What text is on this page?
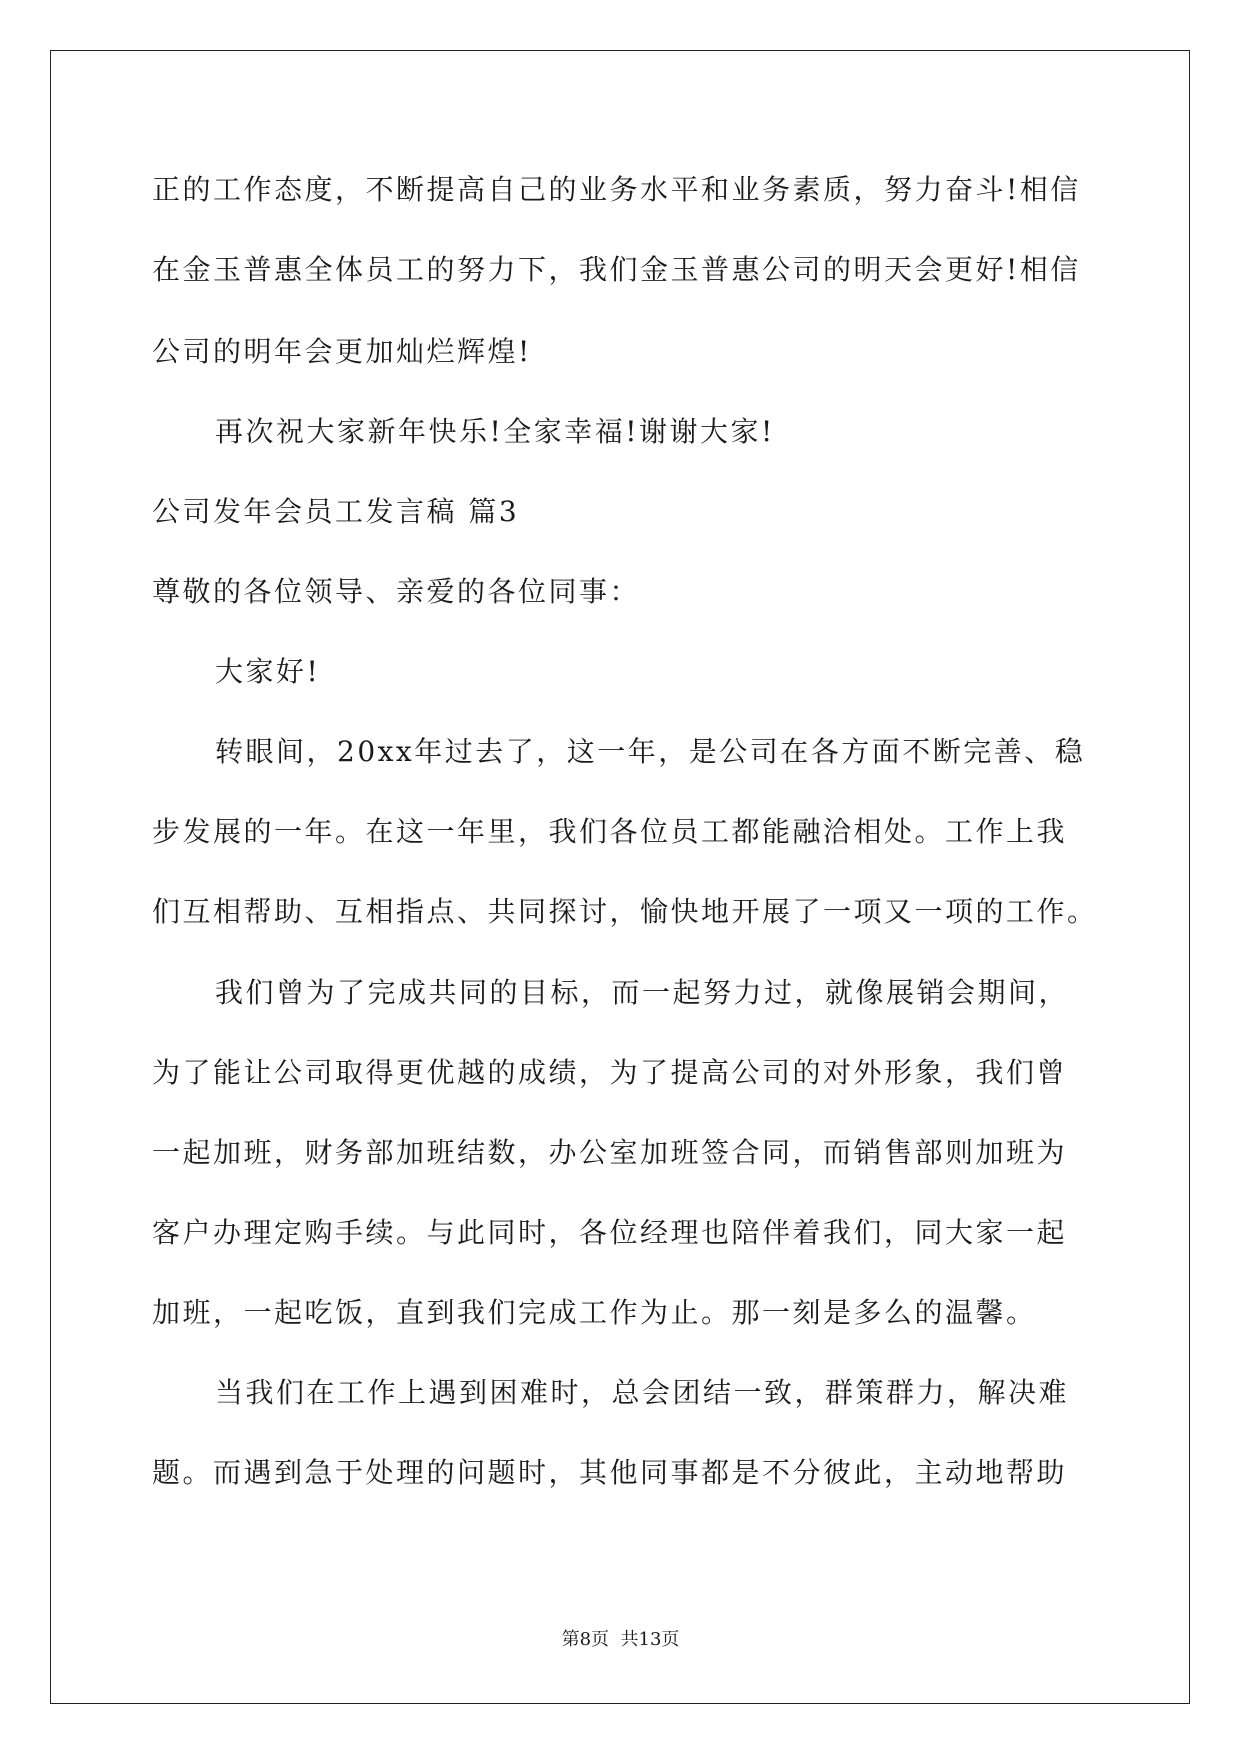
正的工作态度，不断提高自己的业务水平和业务素质，努力奋斗!相信
在金玉普惠全体员工的努力下，我们金玉普惠公司的明天会更好!相信
公司的明年会更加灿烂辉煌!
再次祝大家新年快乐!全家幸福!谢谢大家!
公司发年会员工发言稿 篇3
尊敬的各位领导、亲爱的各位同事：
大家好!
转眼间，20xx年过去了，这一年，是公司在各方面不断完善、稳
步发展的一年。在这一年里，我们各位员工都能融洽相处。工作上我
们互相帮助、互相指点、共同探讨，愉快地开展了一项又一项的工作。
我们曾为了完成共同的目标，而一起努力过，就像展销会期间，
为了能让公司取得更优越的成绩，为了提高公司的对外形象，我们曾
一起加班，财务部加班结数，办公室加班签合同，而销售部则加班为
客户办理定购手续。与此同时，各位经理也陪伴着我们，同大家一起
加班，一起吃饭，直到我们完成工作为止。那一刻是多么的温馨。
当我们在工作上遇到困难时，总会团结一致，群策群力，解决难
题。而遇到急于处理的问题时，其他同事都是不分彼此，主动地帮助
第8页  共13页
